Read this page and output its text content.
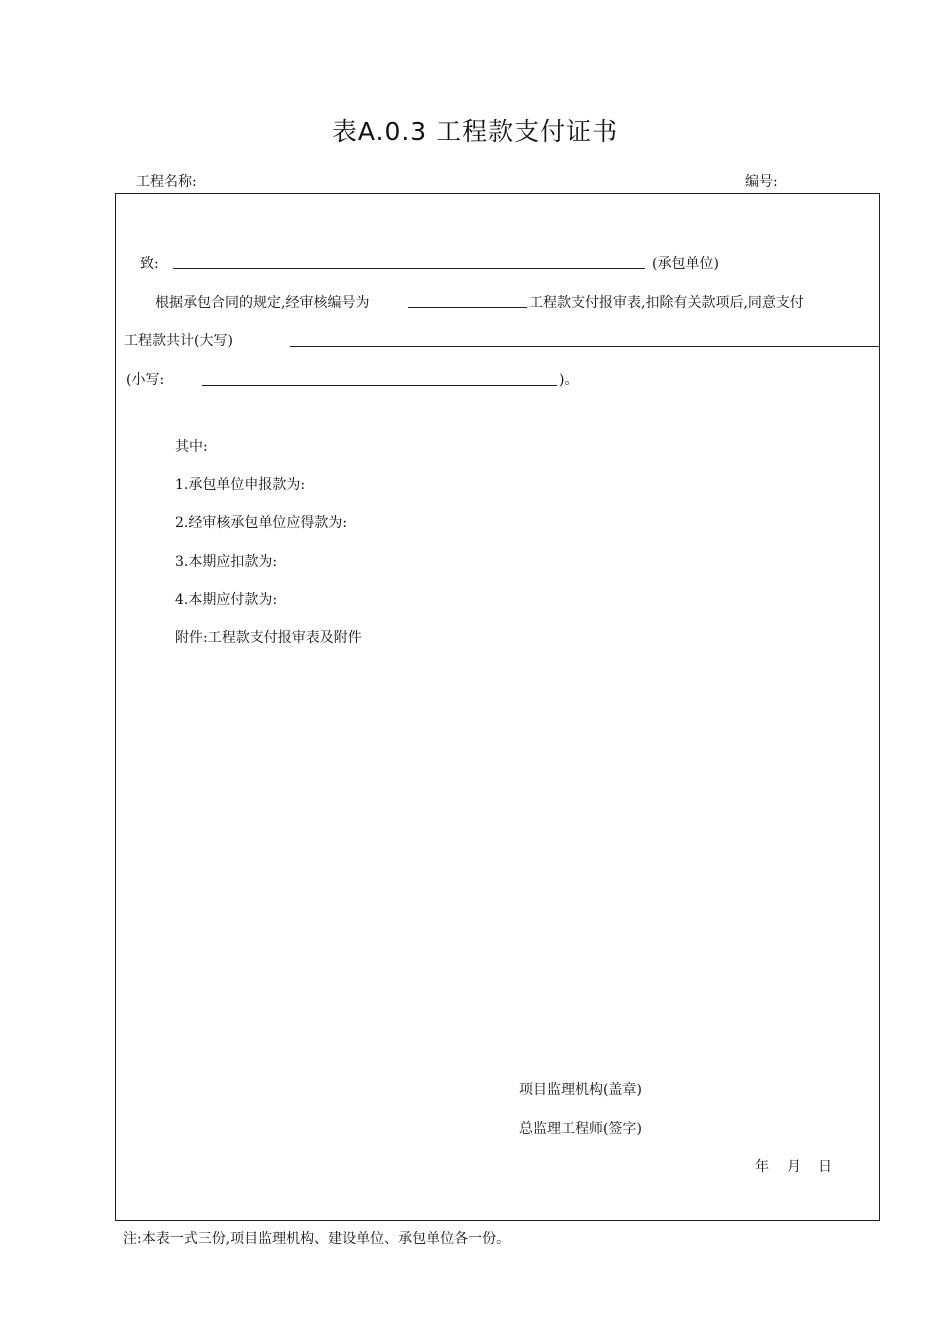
表A.0.3 工程款支付证书
工程名称:	编号:
致:	(承包单位)
根据承包合同的规定,经审核编号为	工程款支付报审表,扣除有关款项后,同意支付
工程款共计(大写)
(小写:	)。
其中:
1.承包单位申报款为:
2.经审核承包单位应得款为:
3.本期应扣款为:
4.本期应付款为:
附件:工程款支付报审表及附件
项目监理机构(盖章)
总监理工程师(签字)
年 月 日
注:本表一式三份,项目监理机构、建设单位、承包单位各一份。
